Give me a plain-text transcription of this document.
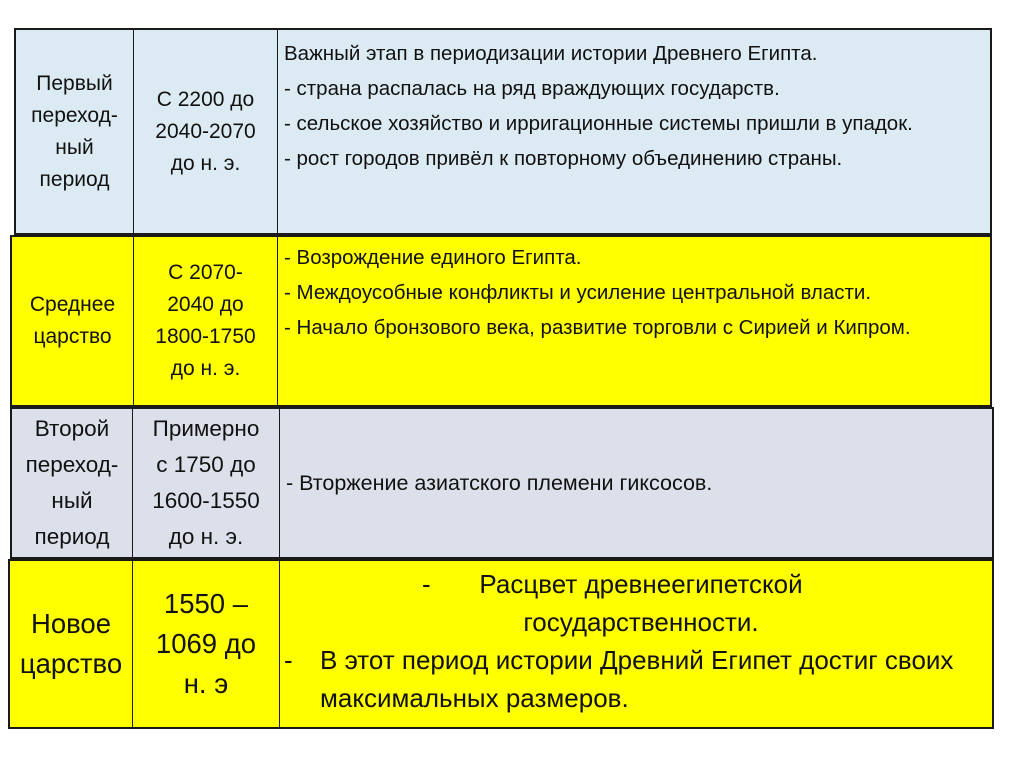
Первый
переход-
ный
период
С 2200 до
2040-2070
до н. э.

Важный этап в периодизации истории Древнего Египта.

- страна распалась на ряд враждующих государств.

- сельское хозяйство и ирригационные системы пришли в упадок.

- рост городов привёл к повторному объединению страны.

Среднее
царство
С 2070-
2040 до
1800-1750
до н. э.

- Возрождение единого Египта.

- Междоусобные конфликты и усиление центральной власти.

- Начало бронзового века, развитие торговли с Сирией и Кипром.

Второй
переход-
ный
период
Примерно
с 1750 до
1600-1550
до н. э.

- Вторжение азиатского племени гиксосов.

Новое
царство
1550 –
1069 до
н. э
-	Расцвет древнеегипетской государственности.
-	В этот период истории Древний Египет достиг своих максимальных размеров.
